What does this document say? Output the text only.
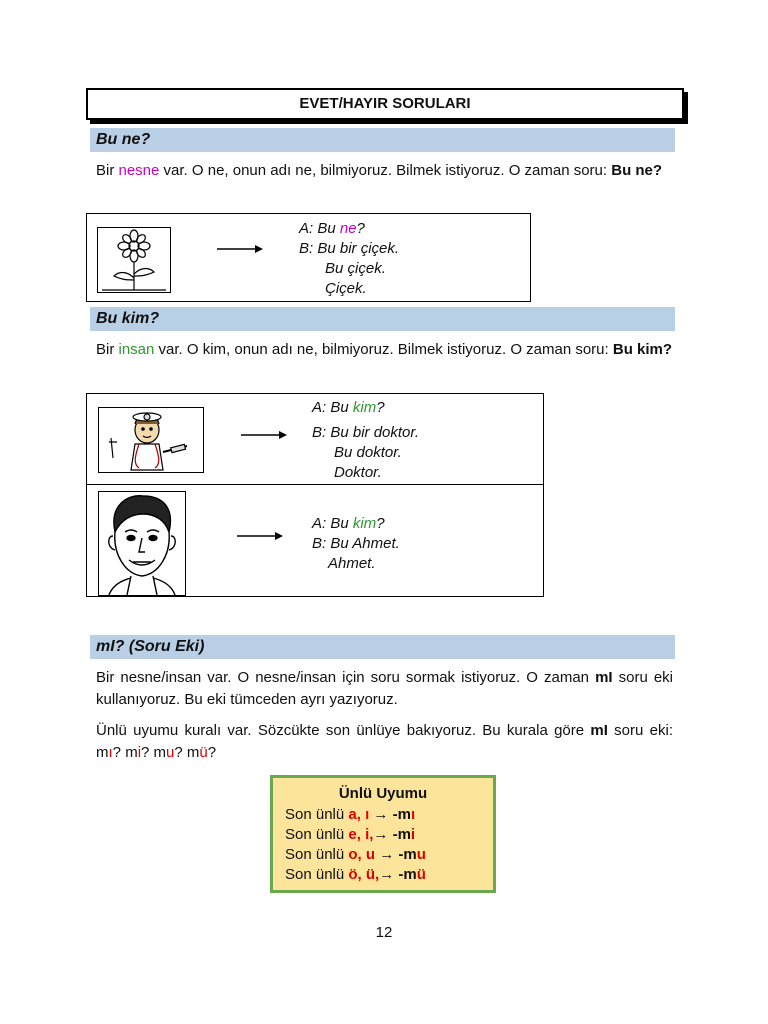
EVET/HAYIR SORULARI
Bu ne?
Bir nesne var. O ne, onun adı ne, bilmiyoruz. Bilmek istiyoruz. O zaman soru: Bu ne?
A: Bu ne?
B: Bu bir çiçek.
Bu çiçek.
Çiçek.
Bu kim?
Bir insan var. O kim, onun adı ne, bilmiyoruz. Bilmek istiyoruz. O zaman soru: Bu kim?
A: Bu kim?
B: Bu bir doktor.
Bu doktor.
Doktor.
A: Bu kim?
B: Bu Ahmet.
Ahmet.
mI? (Soru Eki)
Bir nesne/insan var. O nesne/insan için soru sormak istiyoruz. O zaman mI soru eki kullanıyoruz. Bu eki tümceden ayrı yazıyoruz.
Ünlü uyumu kuralı var. Sözcükte son ünlüye bakıyoruz. Bu kurala göre mI soru eki: mı? mi? mu? mü?
Ünlü Uyumu
Son ünlü a, ı → -mı
Son ünlü e, i,→ -mi
Son ünlü o, u → -mu
Son ünlü ö, ü,→ -mü
12
